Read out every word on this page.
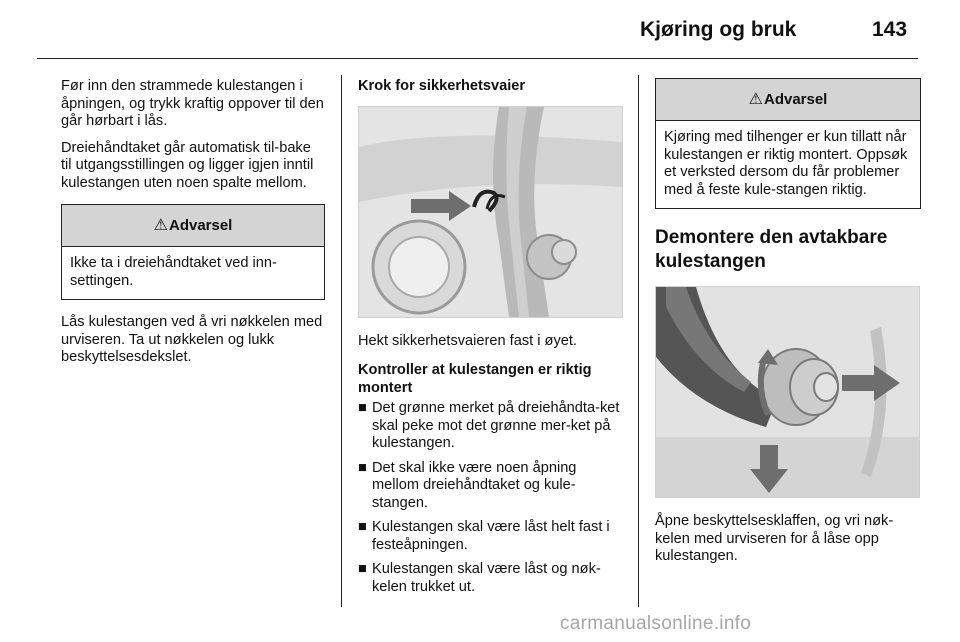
Kjøring og bruk	143

Før inn den strammede kulestangen i åpningen, og trykk kraftig oppover til den går hørbart i lås.

Dreiehåndtaket går automatisk til-bake til utgangsstillingen og ligger igjen inntil kulestangen uten noen spalte mellom.

⚠ Advarsel
Ikke ta i dreiehåndtaket ved inn-settingen.

Lås kulestangen ved å vri nøkkelen med urviseren. Ta ut nøkkelen og lukk beskyttelsesdekslet.

Krok for sikkerhetsvaier

Hekt sikkerhetsvaieren fast i øyet.

Kontroller at kulestangen er riktig montert
■ Det grønne merket på dreiehåndta-ket skal peke mot det grønne mer-ket på kulestangen.
■ Det skal ikke være noen åpning mellom dreiehåndtaket og kule-stangen.
■ Kulestangen skal være låst helt fast i festeåpningen.
■ Kulestangen skal være låst og nøk-kelen trukket ut.
⚠ Advarsel
Kjøring med tilhenger er kun tillatt når kulestangen er riktig montert. Oppsøk et verksted dersom du får problemer med å feste kule-stangen riktig.
Demontere den avtakbare kulestangen

Åpne beskyttelsesklaffen, og vri nøk-kelen med urviseren for å låse opp kulestangen.

carmanualsonline.info
